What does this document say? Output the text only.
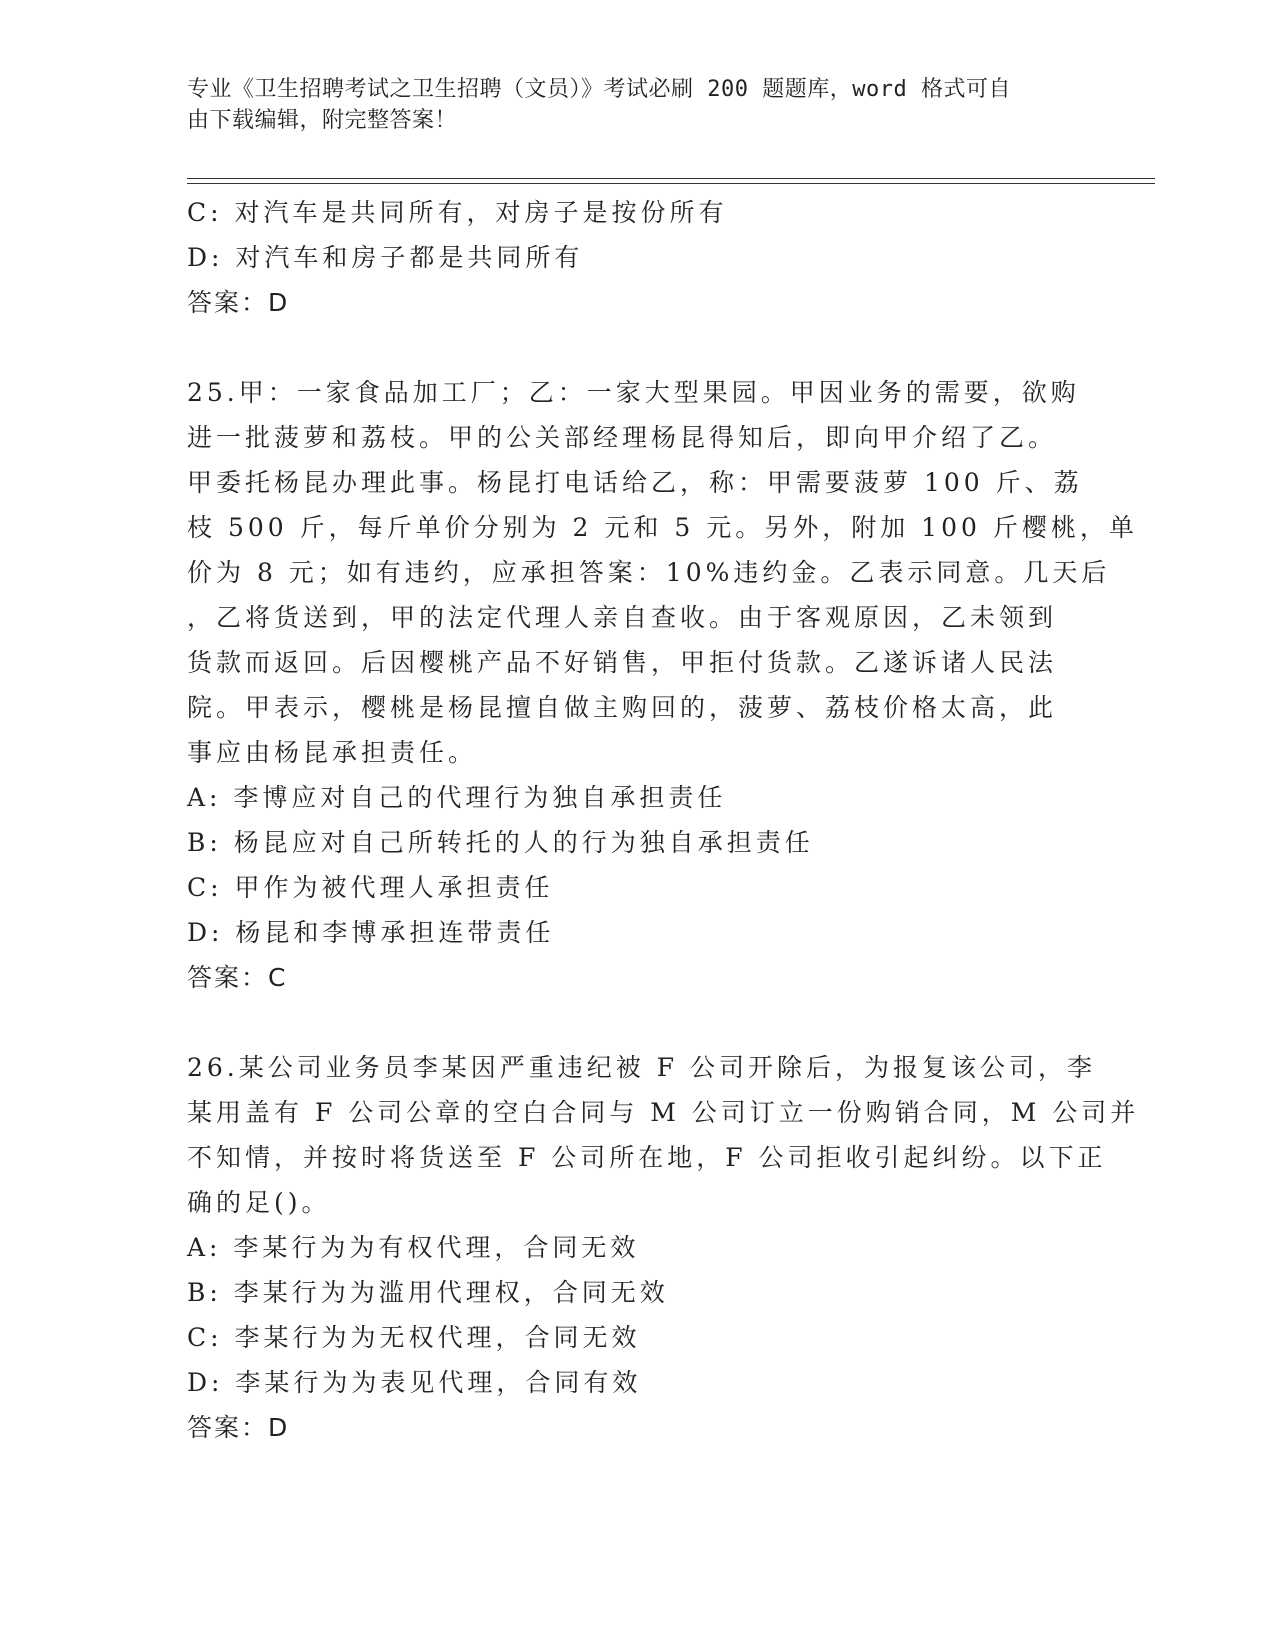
专业《卫生招聘考试之卫生招聘（文员）》考试必刷 200 题题库，word 格式可自
由下载编辑，附完整答案！
C: 对汽车是共同所有，对房子是按份所有
D: 对汽车和房子都是共同所有
答案：D
25.甲：一家食品加工厂；乙：一家大型果园。甲因业务的需要，欲购
进一批菠萝和荔枝。甲的公关部经理杨昆得知后，即向甲介绍了乙。
甲委托杨昆办理此事。杨昆打电话给乙，称：甲需要菠萝 100 斤、荔
枝 500 斤，每斤单价分别为 2 元和 5 元。另外，附加 100 斤樱桃，单
价为 8 元；如有违约，应承担答案：10%违约金。乙表示同意。几天后
，乙将货送到，甲的法定代理人亲自查收。由于客观原因，乙未领到
货款而返回。后因樱桃产品不好销售，甲拒付货款。乙遂诉诸人民法
院。甲表示，樱桃是杨昆擅自做主购回的，菠萝、荔枝价格太高，此
事应由杨昆承担责任。
A: 李博应对自己的代理行为独自承担责任
B: 杨昆应对自己所转托的人的行为独自承担责任
C: 甲作为被代理人承担责任
D: 杨昆和李博承担连带责任
答案：C
26.某公司业务员李某因严重违纪被 F 公司开除后，为报复该公司，李
某用盖有 F 公司公章的空白合同与 M 公司订立一份购销合同，M 公司并
不知情，并按时将货送至 F 公司所在地，F 公司拒收引起纠纷。以下正
确的足()。
A: 李某行为为有权代理，合同无效
B: 李某行为为滥用代理权，合同无效
C: 李某行为为无权代理，合同无效
D: 李某行为为表见代理，合同有效
答案：D
